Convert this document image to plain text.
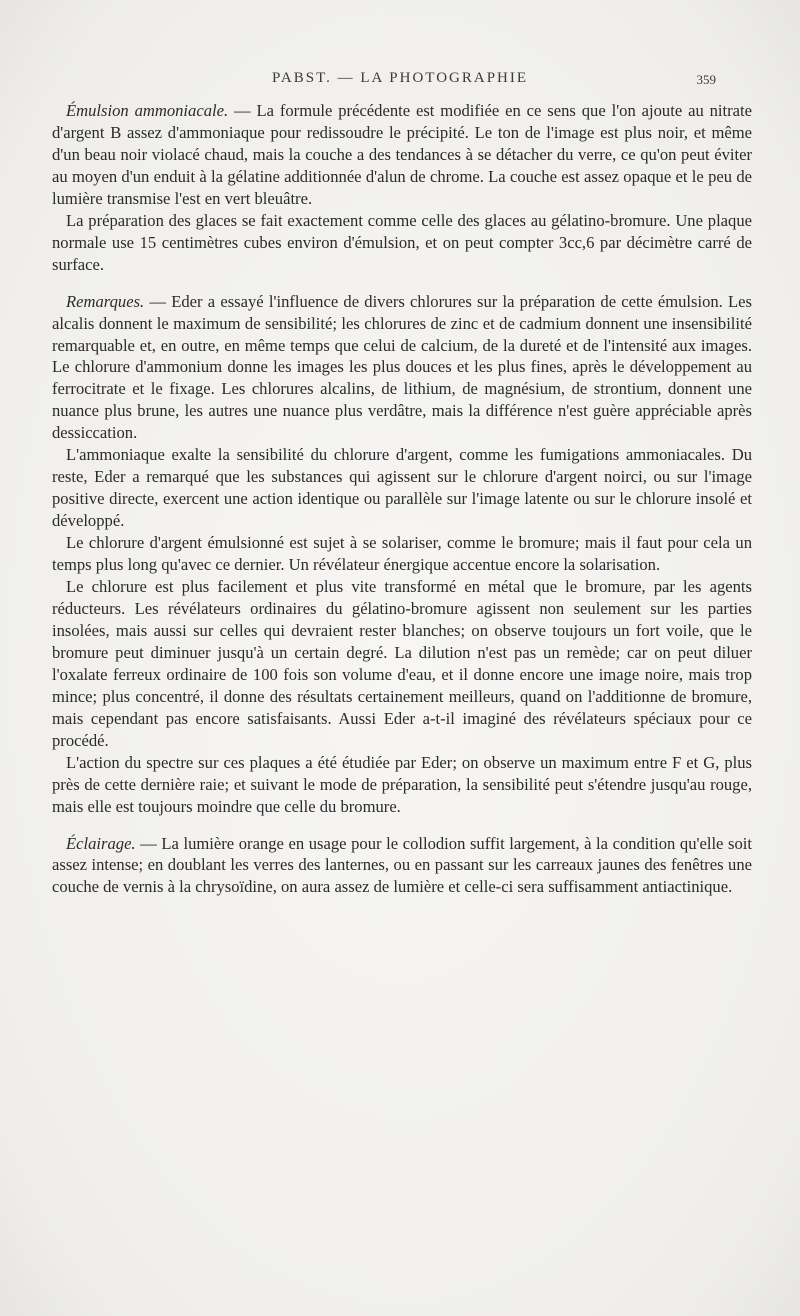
PABST. — LA PHOTOGRAPHIE	359

Émulsion ammoniacale. — La formule précédente est modifiée en ce sens que l'on ajoute au nitrate d'argent B assez d'ammoniaque pour redissoudre le précipité. Le ton de l'image est plus noir, et même d'un beau noir violacé chaud, mais la couche a des tendances à se détacher du verre, ce qu'on peut éviter au moyen d'un enduit à la gélatine additionnée d'alun de chrome. La couche est assez opaque et le peu de lumière transmise l'est en vert bleuâtre.

La préparation des glaces se fait exactement comme celle des glaces au gélatino-bromure. Une plaque normale use 15 centimètres cubes environ d'émulsion, et on peut compter 3cc,6 par décimètre carré de surface.

Remarques. — Eder a essayé l'influence de divers chlorures sur la préparation de cette émulsion. Les alcalis donnent le maximum de sensibilité; les chlorures de zinc et de cadmium donnent une insensibilité remarquable et, en outre, en même temps que celui de calcium, de la dureté et de l'intensité aux images. Le chlorure d'ammonium donne les images les plus douces et les plus fines, après le développement au ferrocitrate et le fixage. Les chlorures alcalins, de lithium, de magnésium, de strontium, donnent une nuance plus brune, les autres une nuance plus verdâtre, mais la différence n'est guère appréciable après dessiccation.

L'ammoniaque exalte la sensibilité du chlorure d'argent, comme les fumigations ammoniacales. Du reste, Eder a remarqué que les substances qui agissent sur le chlorure d'argent noirci, ou sur l'image positive directe, exercent une action identique ou parallèle sur l'image latente ou sur le chlorure insolé et développé.

Le chlorure d'argent émulsionné est sujet à se solariser, comme le bromure; mais il faut pour cela un temps plus long qu'avec ce dernier. Un révélateur énergique accentue encore la solarisation.

Le chlorure est plus facilement et plus vite transformé en métal que le bromure, par les agents réducteurs. Les révélateurs ordinaires du gélatino-bromure agissent non seulement sur les parties insolées, mais aussi sur celles qui devraient rester blanches; on observe toujours un fort voile, que le bromure peut diminuer jusqu'à un certain degré. La dilution n'est pas un remède; car on peut diluer l'oxalate ferreux ordinaire de 100 fois son volume d'eau, et il donne encore une image noire, mais trop mince; plus concentré, il donne des résultats certainement meilleurs, quand on l'additionne de bromure, mais cependant pas encore satisfaisants. Aussi Eder a-t-il imaginé des révélateurs spéciaux pour ce procédé.

L'action du spectre sur ces plaques a été étudiée par Eder; on observe un maximum entre F et G, plus près de cette dernière raie; et suivant le mode de préparation, la sensibilité peut s'étendre jusqu'au rouge, mais elle est toujours moindre que celle du bromure.

Éclairage. — La lumière orange en usage pour le collodion suffit largement, à la condition qu'elle soit assez intense; en doublant les verres des lanternes, ou en passant sur les carreaux jaunes des fenêtres une couche de vernis à la chrysoïdine, on aura assez de lumière et celle-ci sera suffisamment antiactinique.
